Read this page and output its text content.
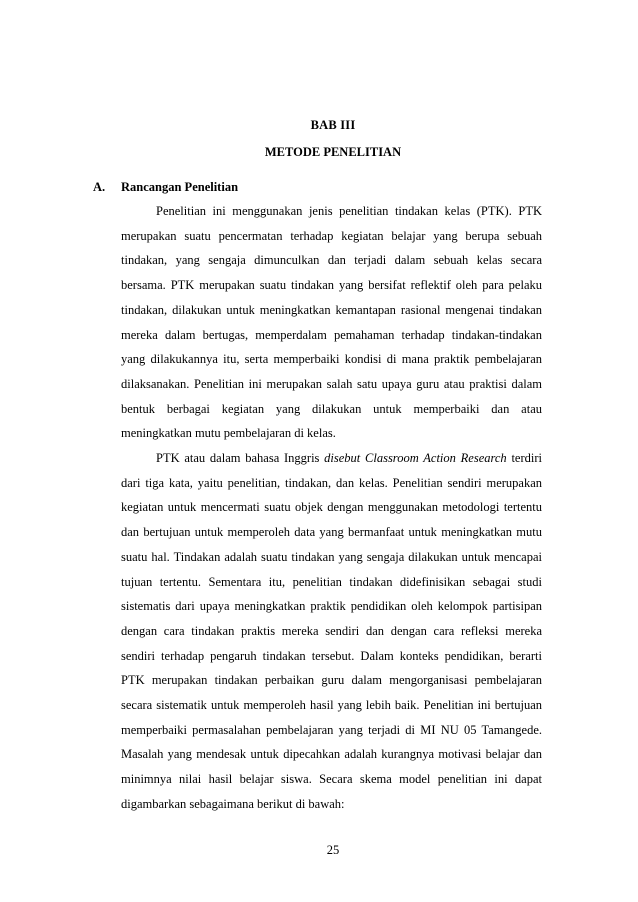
BAB III
METODE PENELITIAN
A. Rancangan Penelitian

Penelitian ini menggunakan jenis penelitian tindakan kelas (PTK). PTK merupakan suatu pencermatan terhadap kegiatan belajar yang berupa sebuah tindakan, yang sengaja dimunculkan dan terjadi dalam sebuah kelas secara bersama. PTK merupakan suatu tindakan yang bersifat reflektif oleh para pelaku tindakan, dilakukan untuk meningkatkan kemantapan rasional mengenai tindakan mereka dalam bertugas, memperdalam pemahaman terhadap tindakan-tindakan yang dilakukannya itu, serta memperbaiki kondisi di mana praktik pembelajaran dilaksanakan. Penelitian ini merupakan salah satu upaya guru atau praktisi dalam bentuk berbagai kegiatan yang dilakukan untuk memperbaiki dan atau meningkatkan mutu pembelajaran di kelas.

PTK atau dalam bahasa Inggris disebut Classroom Action Research terdiri dari tiga kata, yaitu penelitian, tindakan, dan kelas. Penelitian sendiri merupakan kegiatan untuk mencermati suatu objek dengan menggunakan metodologi tertentu dan bertujuan untuk memperoleh data yang bermanfaat untuk meningkatkan mutu suatu hal. Tindakan adalah suatu tindakan yang sengaja dilakukan untuk mencapai tujuan tertentu. Sementara itu, penelitian tindakan didefinisikan sebagai studi sistematis dari upaya meningkatkan praktik pendidikan oleh kelompok partisipan dengan cara tindakan praktis mereka sendiri dan dengan cara refleksi mereka sendiri terhadap pengaruh tindakan tersebut. Dalam konteks pendidikan, berarti PTK merupakan tindakan perbaikan guru dalam mengorganisasi pembelajaran secara sistematik untuk memperoleh hasil yang lebih baik. Penelitian ini bertujuan memperbaiki permasalahan pembelajaran yang terjadi di MI NU 05 Tamangede. Masalah yang mendesak untuk dipecahkan adalah kurangnya motivasi belajar dan minimnya nilai hasil belajar siswa. Secara skema model penelitian ini dapat digambarkan sebagaimana berikut di bawah:

25
